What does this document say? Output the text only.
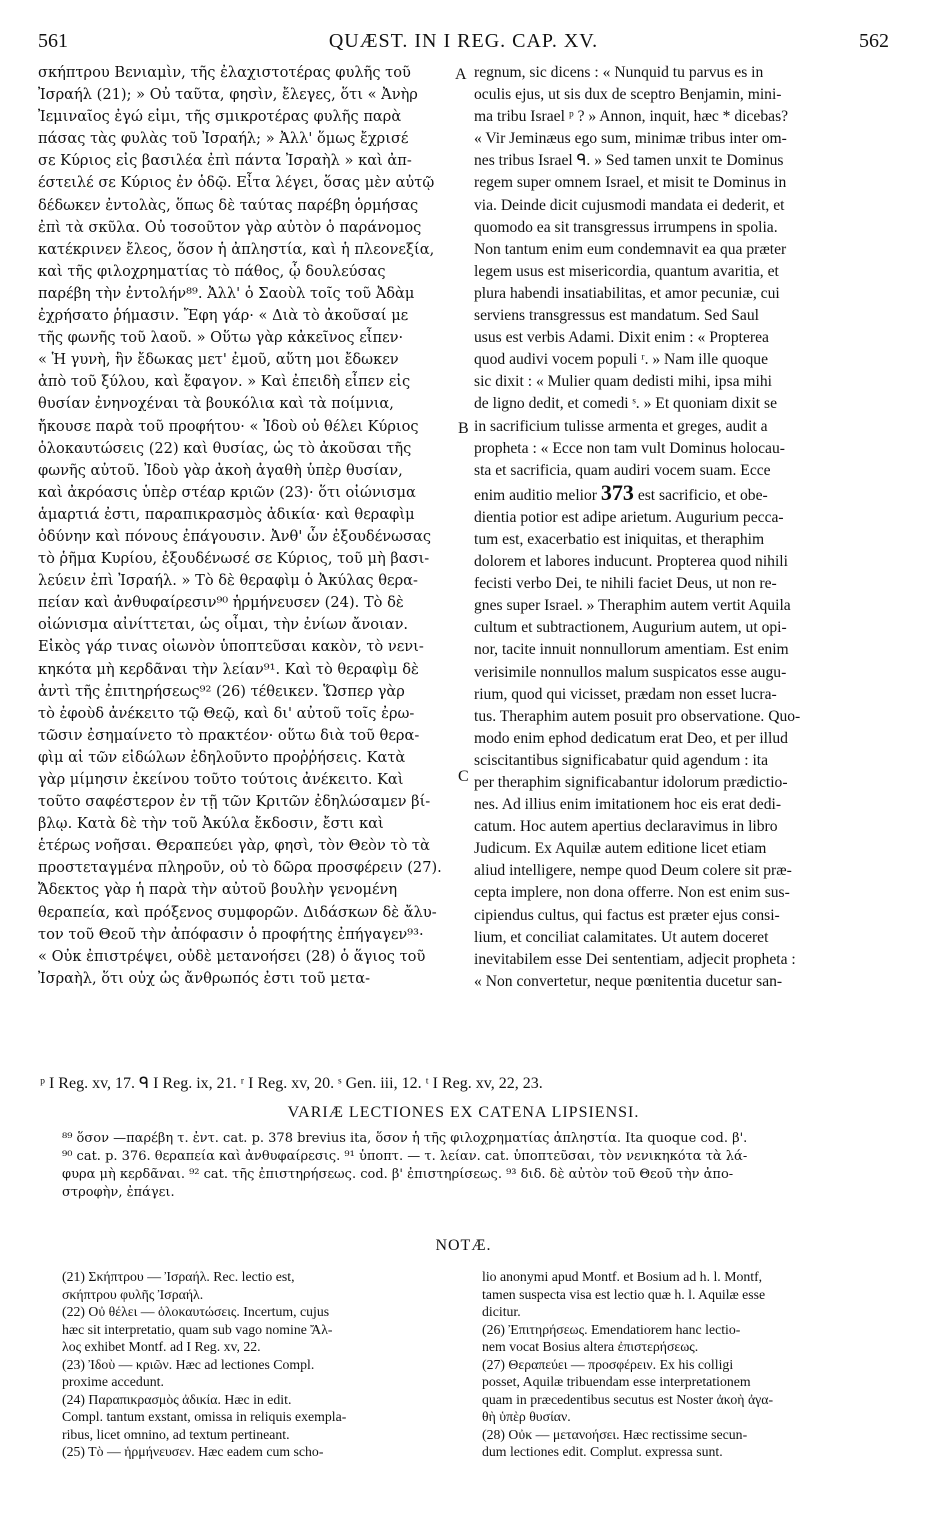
561	QUÆST. IN I REG. CAP. XV.	562

σκήπτρου Βενιαμὶν, τῆς ἐλαχιστοτέρας φυλῆς τοῦ

Ἰσραήλ (21); » Οὐ ταῦτα, φησὶν, ἔλεγες, ὅτι « Ἀνὴρ

Ἰεμιναῖος ἐγώ εἰμι, τῆς σμικροτέρας φυλῆς παρὰ

πάσας τὰς φυλὰς τοῦ Ἰσραήλ; » Ἀλλ' ὅμως ἔχρισέ

σε Κύριος εἰς βασιλέα ἐπὶ πάντα Ἰσραὴλ » καὶ ἀπ-

έστειλέ σε Κύριος ἐν ὁδῷ. Εἶτα λέγει, ὅσας μὲν αὐτῷ

δέδωκεν ἐντολὰς, ὅπως δὲ ταύτας παρέβη ὁρμήσας

ἐπὶ τὰ σκῦλα. Οὐ τοσοῦτον γὰρ αὐτὸν ὁ παράνομος

κατέκρινεν ἔλεος, ὅσον ἡ ἀπληστία, καὶ ἡ πλεονεξία,

καὶ τῆς φιλοχρηματίας τὸ πάθος, ᾧ δουλεύσας

παρέβη τὴν ἐντολήν⁸⁹. Ἀλλ' ὁ Σαοὺλ τοῖς τοῦ Ἀδὰμ

ἐχρήσατο ῥήμασιν. Ἔφη γάρ· « Διὰ τὸ ἀκοῦσαί με

τῆς φωνῆς τοῦ λαοῦ. » Οὕτω γὰρ κἀκεῖνος εἶπεν·

« Ἡ γυνὴ, ἣν ἔδωκας μετ' ἐμοῦ, αὕτη μοι ἔδωκεν

ἀπὸ τοῦ ξύλου, καὶ ἔφαγον. » Καὶ ἐπειδὴ εἶπεν εἰς

θυσίαν ἐνηνοχέναι τὰ βουκόλια καὶ τὰ ποίμνια,

ἤκουσε παρὰ τοῦ προφήτου· « Ἰδοὺ οὐ θέλει Κύριος

ὁλοκαυτώσεις (22) καὶ θυσίας, ὡς τὸ ἀκοῦσαι τῆς

φωνῆς αὐτοῦ. Ἰδοὺ γὰρ ἀκοὴ ἀγαθὴ ὑπὲρ θυσίαν,

καὶ ἀκρόασις ὑπὲρ στέαρ κριῶν (23)· ὅτι οἰώνισμα

ἁμαρτιά ἐστι, παραπικρασμὸς ἀδικία· καὶ θεραφὶμ

ὀδύνην καὶ πόνους ἐπάγουσιν. Ἀνθ' ὧν ἐξουδένωσας

τὸ ῥῆμα Κυρίου, ἐξουδένωσέ σε Κύριος, τοῦ μὴ βασι-

λεύειν ἐπὶ Ἰσραήλ. » Τὸ δὲ θεραφὶμ ὁ Ἀκύλας θερα-

πείαν καὶ ἀνθυφαίρεσιν⁹⁰ ἡρμήνευσεν (24). Τὸ δὲ

οἰώνισμα αἰνίττεται, ὡς οἶμαι, τὴν ἐνίων ἄνοιαν.

Εἰκὸς γάρ τινας οἰωνὸν ὑποπτεῦσαι κακὸν, τὸ νενι-

κηκότα μὴ κερδᾶναι τὴν λείαν⁹¹. Καὶ τὸ θεραφὶμ δὲ

ἀντὶ τῆς ἐπιτηρήσεως⁹² (26) τέθεικεν. Ὥσπερ γὰρ

τὸ ἐφοὺδ ἀνέκειτο τῷ Θεῷ, καὶ δι' αὐτοῦ τοῖς ἐρω-

τῶσιν ἐσημαίνετο τὸ πρακτέον· οὕτω διὰ τοῦ θερα-

φὶμ αἱ τῶν εἰδώλων ἐδηλοῦντο προῤῥήσεις. Κατὰ

γὰρ μίμησιν ἐκείνου τοῦτο τούτοις ἀνέκειτο. Καὶ

τοῦτο σαφέστερον ἐν τῇ τῶν Κριτῶν ἐδηλώσαμεν βί-

βλῳ. Κατὰ δὲ τὴν τοῦ Ἀκύλα ἔκδοσιν, ἔστι καὶ

ἑτέρως νοῆσαι. Θεραπεύει γὰρ, φησὶ, τὸν Θεὸν τὸ τὰ

προστεταγμένα πληροῦν, οὐ τὸ δῶρα προσφέρειν (27).

Ἄδεκτος γὰρ ἡ παρὰ τὴν αὐτοῦ βουλὴν γενομένη

θεραπεία, καὶ πρόξενος συμφορῶν. Διδάσκων δὲ ἄλυ-

τον τοῦ Θεοῦ τὴν ἀπόφασιν ὁ προφήτης ἐπήγαγεν⁹³·

« Οὐκ ἐπιστρέψει, οὐδὲ μετανοήσει (28) ὁ ἅγιος τοῦ

Ἰσραὴλ, ὅτι οὐχ ὡς ἄνθρωπός ἐστι τοῦ μετα-

A
B
C

regnum, sic dicens : « Nunquid tu parvus es in

oculis ejus, ut sis dux de sceptro Benjamin, mini-

ma tribu Israel ᵖ ? » Annon, inquit, hæc * dicebas?

« Vir Jeminæus ego sum, minimæ tribus inter om-

nes tribus Israel ᑫ. » Sed tamen unxit te Dominus

regem super omnem Israel, et misit te Dominus in

via. Deinde dicit cujusmodi mandata ei dederit, et

quomodo ea sit transgressus irrumpens in spolia.

Non tantum enim eum condemnavit ea qua præter

legem usus est misericordia, quantum avaritia, et

plura habendi insatiabilitas, et amor pecuniæ, cui

serviens transgressus est mandatum. Sed Saul

usus est verbis Adami. Dixit enim : « Propterea

quod audivi vocem populi ʳ. » Nam ille quoque

sic dixit : « Mulier quam dedisti mihi, ipsa mihi

de ligno dedit, et comedi ˢ. » Et quoniam dixit se

in sacrificium tulisse armenta et greges, audit a

propheta : « Ecce non tam vult Dominus holocau-

sta et sacrificia, quam audiri vocem suam. Ecce

enim auditio melior 373 est sacrificio, et obe-

dientia potior est adipe arietum. Augurium pecca-

tum est, exacerbatio est iniquitas, et theraphim

dolorem et labores inducunt. Propterea quod nihili

fecisti verbo Dei, te nihili faciet Deus, ut non re-

gnes super Israel. » Theraphim autem vertit Aquila

cultum et subtractionem, Augurium autem, ut opi-

nor, tacite innuit nonnullorum amentiam. Est enim

verisimile nonnullos malum suspicatos esse augu-

rium, quod qui vicisset, prædam non esset lucra-

tus. Theraphim autem posuit pro observatione. Quo-

modo enim ephod dedicatum erat Deo, et per illud

sciscitantibus significabatur quid agendum : ita

per theraphim significabantur idolorum prædictio-

nes. Ad illius enim imitationem hoc eis erat dedi-

catum. Hoc autem apertius declaravimus in libro

Judicum. Ex Aquilæ autem editione licet etiam

aliud intelligere, nempe quod Deum colere sit præ-

cepta implere, non dona offerre. Non est enim sus-

cipiendus cultus, qui factus est præter ejus consi-

lium, et conciliat calamitates. Ut autem doceret

inevitabilem esse Dei sententiam, adjecit propheta :

« Non convertetur, neque pœnitentia ducetur san-

ᵖ I Reg. xv, 17. ᑫ I Reg. ix, 21. ʳ I Reg. xv, 20. ˢ Gen. iii, 12. ᵗ I Reg. xv, 22, 23.
VARIÆ LECTIONES EX CATENA LIPSIENSI.
⁸⁹ ὅσον —παρέβη τ. ἐντ. cat. p. 378 brevius ita, ὅσον ἡ τῆς φιλοχρηματίας ἀπληστία. Ita quoque cod. β'.
⁹⁰ cat. p. 376. θεραπεία καὶ ἀνθυφαίρεσις. ⁹¹ ὑποπτ. — τ. λείαν. cat. ὑποπτεῦσαι, τὸν νενικηκότα τὰ λά-
φυρα μὴ κερδᾶναι. ⁹² cat. τῆς ἐπιστηρήσεως. cod. β' ἐπιστηρίσεως. ⁹³ διδ. δὲ αὐτὸν τοῦ Θεοῦ τὴν ἀπο-
στροφὴν, ἐπάγει.
NOTÆ.

(21) Σκήπτρου — Ἰσραήλ. Rec. lectio est,

σκήπτρου φυλῆς Ἰσραήλ.

(22) Οὐ θέλει — ὁλοκαυτώσεις. Incertum, cujus

hæc sit interpretatio, quam sub vago nomine Ἄλ-

λος exhibet Montf. ad I Reg. xv, 22.

(23) Ἰδοὺ — κριῶν. Hæc ad lectiones Compl.

proxime accedunt.

(24) Παραπικρασμὸς ἀδικία. Hæc in edit.

Compl. tantum exstant, omissa in reliquis exempla-

ribus, licet omnino, ad textum pertineant.

(25) Τὸ — ἡρμήνευσεν. Hæc eadem cum scho-

lio anonymi apud Montf. et Bosium ad h. l. Montf,

tamen suspecta visa est lectio quæ h. l. Aquilæ esse

dicitur.

(26) Ἐπιτηρήσεως. Emendatiorem hanc lectio-

nem vocat Bosius altera ἐπιστερήσεως.

(27) Θεραπεύει — προσφέρειν. Ex his colligi

posset, Aquilæ tribuendam esse interpretationem

quam in præcedentibus secutus est Noster ἀκοὴ ἀγα-

θὴ ὑπὲρ θυσίαν.

(28) Οὐκ — μετανοήσει. Hæc rectissime secun-

dum lectiones edit. Complut. expressa sunt.
